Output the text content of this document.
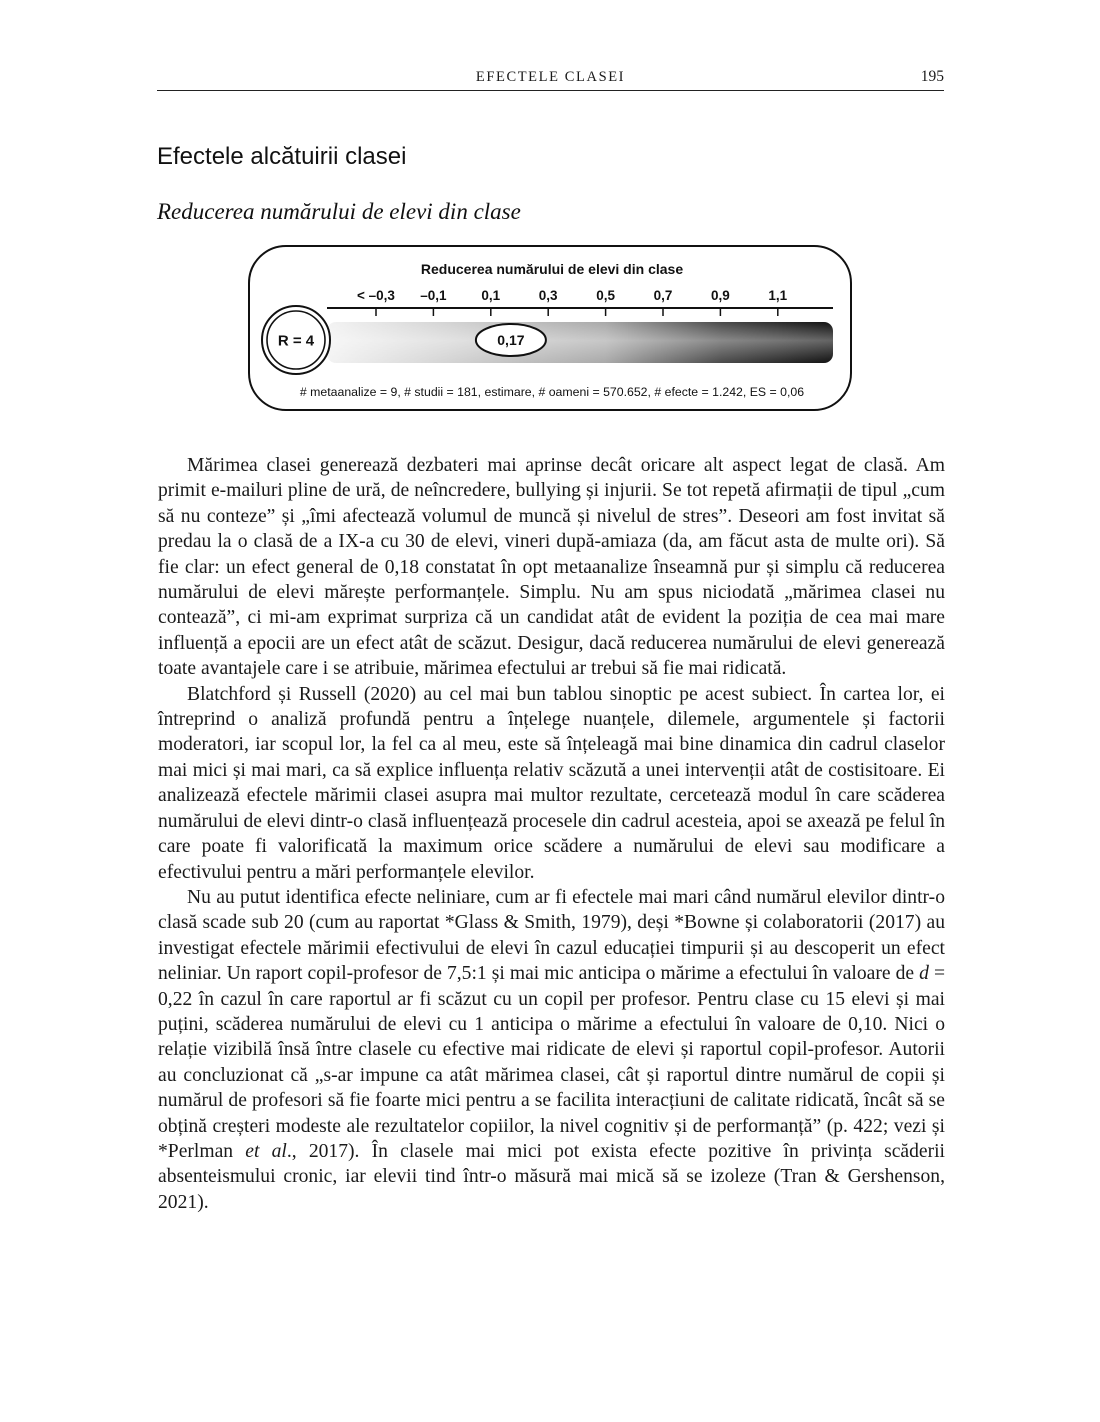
EFECTELE CLASEI	195
Efectele alcătuirii clasei
Reducerea numărului de elevi din clase
Reducerea numărului de elevi din clase
< –0,3 –0,1	0,1	0,3	0,5	0,7	0,9	1,1
R = 4	0,17
# metaanalize = 9, # studii = 181, estimare, # oameni = 570.652, # efecte = 1.242, ES = 0,06

Mărimea clasei generează dezbateri mai aprinse decât oricare alt aspect legat de clasă. Am primit e-mailuri pline de ură, de neîncredere, bullying și injurii. Se tot repetă afirmații de tipul „cum să nu conteze” și „îmi afectează volumul de muncă și nivelul de stres”. Deseori am fost invitat să predau la o clasă de a IX-a cu 30 de elevi, vineri după-amiaza (da, am făcut asta de multe ori). Să fie clar: un efect general de 0,18 constatat în opt metaanalize înseamnă pur și simplu că reducerea numărului de elevi mărește performanțele. Simplu. Nu am spus niciodată „mărimea clasei nu contează”, ci mi-am exprimat surpriza că un candidat atât de evident la poziția de cea mai mare influență a epocii are un efect atât de scăzut. Desigur, dacă reducerea numărului de elevi generează toate avantajele care i se atribuie, mărimea efectului ar trebui să fie mai ridicată.

Blatchford și Russell (2020) au cel mai bun tablou sinoptic pe acest subiect. În cartea lor, ei întreprind o analiză profundă pentru a înțelege nuanțele, dilemele, argumentele și factorii moderatori, iar scopul lor, la fel ca al meu, este să înțeleagă mai bine dinamica din cadrul claselor mai mici și mai mari, ca să explice influența relativ scăzută a unei intervenții atât de costisitoare. Ei analizează efectele mărimii clasei asupra mai multor rezultate, cercetează modul în care scăderea numărului de elevi dintr-o clasă influențează procesele din cadrul acesteia, apoi se axează pe felul în care poate fi valorificată la maximum orice scădere a numărului de elevi sau modificare a efectivului pentru a mări performanțele elevilor.

Nu au putut identifica efecte neliniare, cum ar fi efectele mai mari când numărul elevilor dintr-o clasă scade sub 20 (cum au raportat *Glass & Smith, 1979), deși *Bowne și colaboratorii (2017) au investigat efectele mărimii efectivului de elevi în cazul educației timpurii și au descoperit un efect neliniar. Un raport copil-profesor de 7,5:1 și mai mic anticipa o mărime a efectului în valoare de d = 0,22 în cazul în care raportul ar fi scăzut cu un copil per profesor. Pentru clase cu 15 elevi și mai puțini, scăderea numărului de elevi cu 1 anticipa o mărime a efectului în valoare de 0,10. Nici o relație vizibilă însă între clasele cu efective mai ridicate de elevi și raportul copil-profesor. Autorii au concluzionat că „s-ar impune ca atât mărimea clasei, cât și raportul dintre numărul de copii și numărul de profesori să fie foarte mici pentru a se facilita interacțiuni de calitate ridicată, încât să se obțină creșteri modeste ale rezultatelor copiilor, la nivel cognitiv și de performanță” (p. 422; vezi și *Perlman et al., 2017). În clasele mai mici pot exista efecte pozitive în privința scăderii absenteismului cronic, iar elevii tind într-o măsură mai mică să se izoleze (Tran & Gershenson, 2021).
